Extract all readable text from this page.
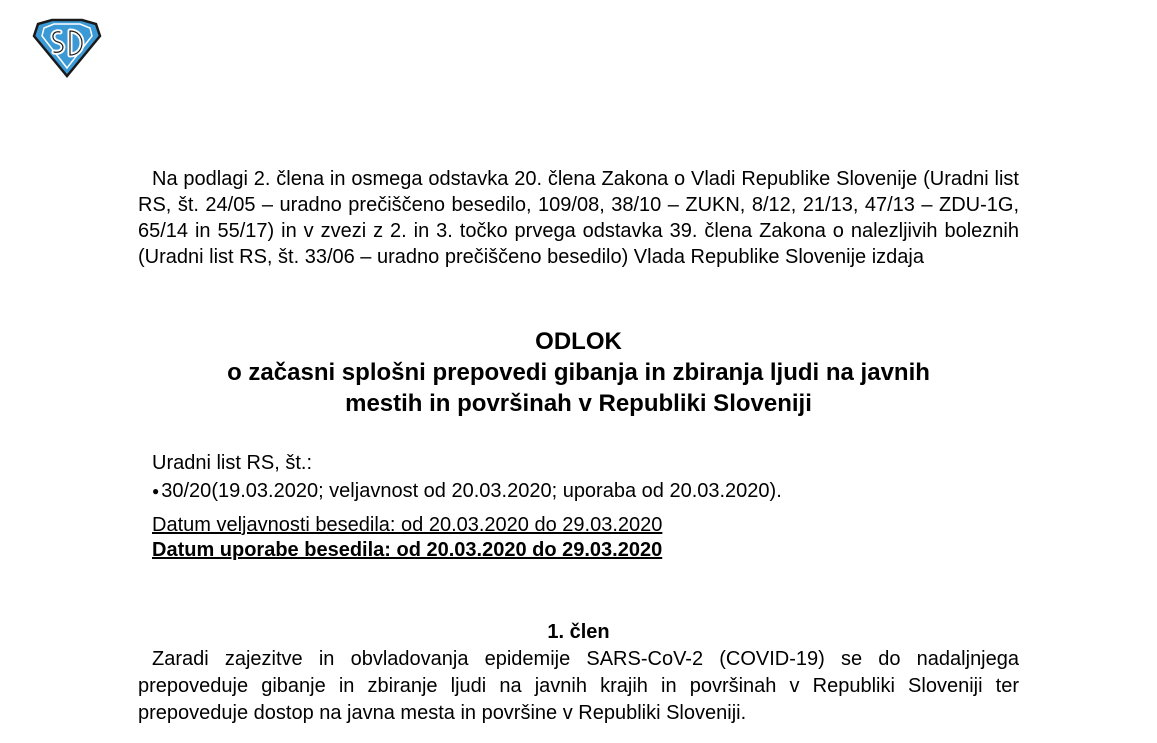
Na podlagi 2. člena in osmega odstavka 20. člena Zakona o Vladi Republike Slovenije (Uradni list RS, št. 24/05 – uradno prečiščeno besedilo, 109/08, 38/10 – ZUKN, 8/12, 21/13, 47/13 – ZDU-1G, 65/14 in 55/17) in v zvezi z 2. in 3. točko prvega odstavka 39. člena Zakona o nalezljivih boleznih (Uradni list RS, št. 33/06 – uradno prečiščeno besedilo) Vlada Republike Slovenije izdaja
ODLOK
o začasni splošni prepovedi gibanja in zbiranja ljudi na javnih
mestih in površinah v Republiki Sloveniji
Uradni list RS, št.:
● 30/20 (19.03.2020; veljavnost od 20.03.2020; uporaba od 20.03.2020).
Datum veljavnosti besedila: od 20.03.2020 do 29.03.2020
Datum uporabe besedila: od 20.03.2020 do 29.03.2020
1. člen
Zaradi zajezitve in obvladovanja epidemije SARS-CoV-2 (COVID-19) se do nadaljnjega prepoveduje gibanje in zbiranje ljudi na javnih krajih in površinah v Republiki Sloveniji ter prepoveduje dostop na javna mesta in površine v Republiki Sloveniji.
